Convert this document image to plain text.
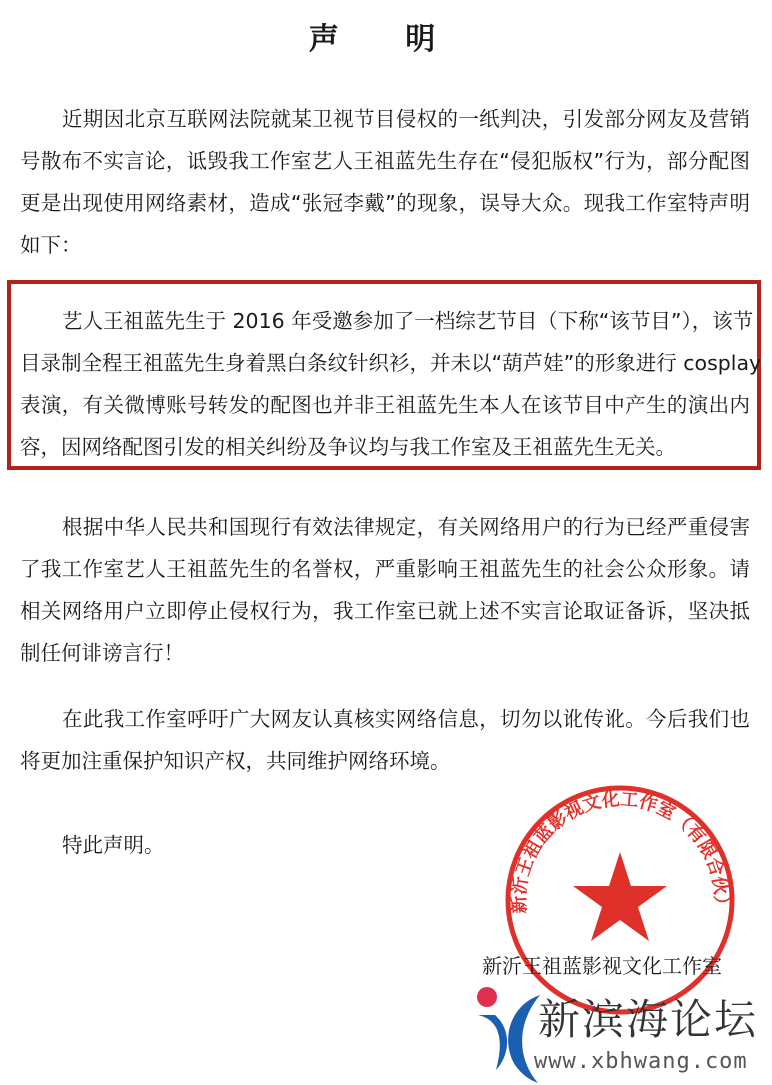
声 明
近期因北京互联网法院就某卫视节目侵权的一纸判决，引发部分网友及营销
号散布不实言论，诋毁我工作室艺人王祖蓝先生存在“侵犯版权”行为，部分配图
更是出现使用网络素材，造成“张冠李戴”的现象，误导大众。现我工作室特声明
如下：
艺人王祖蓝先生于 2016 年受邀参加了一档综艺节目（下称“该节目”），该节
目录制全程王祖蓝先生身着黑白条纹针织衫，并未以“葫芦娃”的形象进行 cosplay
表演，有关微博账号转发的配图也并非王祖蓝先生本人在该节目中产生的演出内
容，因网络配图引发的相关纠纷及争议均与我工作室及王祖蓝先生无关。
根据中华人民共和国现行有效法律规定，有关网络用户的行为已经严重侵害
了我工作室艺人王祖蓝先生的名誉权，严重影响王祖蓝先生的社会公众形象。请
相关网络用户立即停止侵权行为，我工作室已就上述不实言论取证备诉，坚决抵
制任何诽谤言行！
在此我工作室呼吁广大网友认真核实网络信息，切勿以讹传讹。今后我们也
将更加注重保护知识产权，共同维护网络环境。
特此声明。
新沂王祖蓝影视文化工作室（有限合伙）
新沂王祖蓝影视文化工作室
新滨海论坛
www.xbhwang.com
